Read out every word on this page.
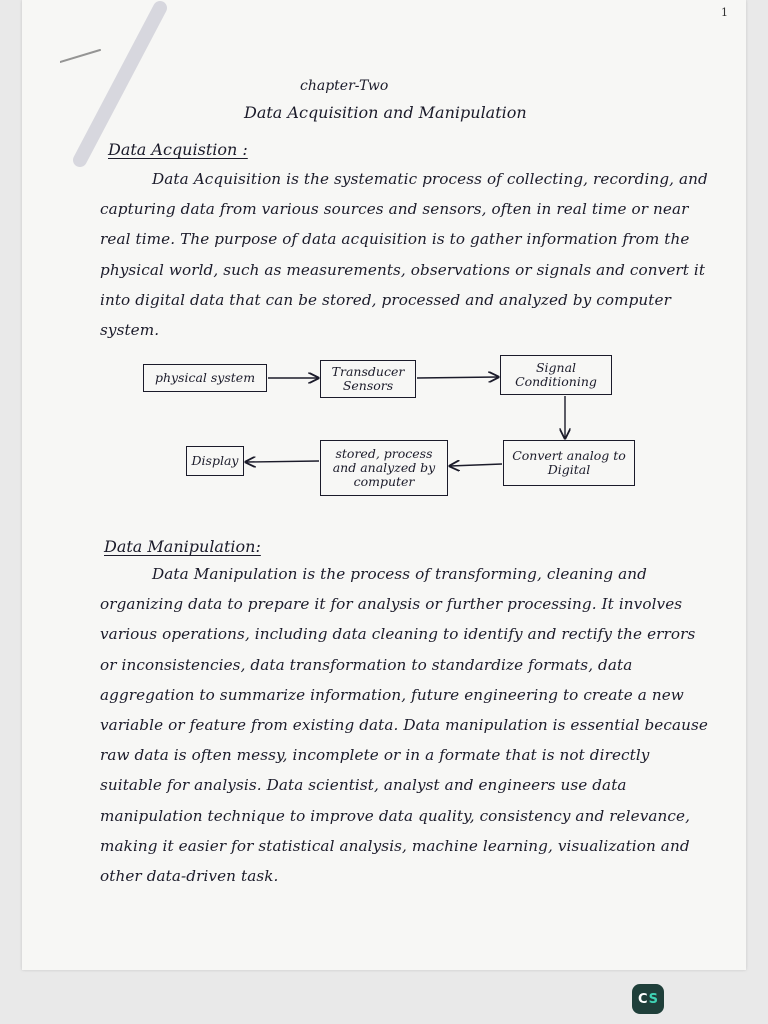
1
chapter-Two
Data Acquisition and Manipulation
Data Acquistion :
Data Acquisition is the systematic process of collecting, recording, and capturing data from various sources and sensors, often in real time or near real time. The purpose of data acquisition is to gather information from the physical world, such as measurements, observations or signals and convert it into digital data that can be stored, processed and analyzed by computer system.
physical system	Transducer Sensors
Signal Conditioning
Convert analog to Digital
stored, process and analyzed by computer
Display
Data Manipulation:
Data Manipulation is the process of transforming, cleaning and organizing data to prepare it for analysis or further processing. It involves various operations, including data cleaning to identify and rectify the errors or inconsistencies, data transformation to standardize formats, data aggregation to summarize information, future engineering to create a new variable or feature from existing data. Data manipulation is essential because raw data is often messy, incomplete or in a formate that is not directly suitable for analysis. Data scientist, analyst and engineers use data manipulation technique to improve data quality, consistency and relevance, making it easier for statistical analysis, machine learning, visualization and other data-driven task.
C S
